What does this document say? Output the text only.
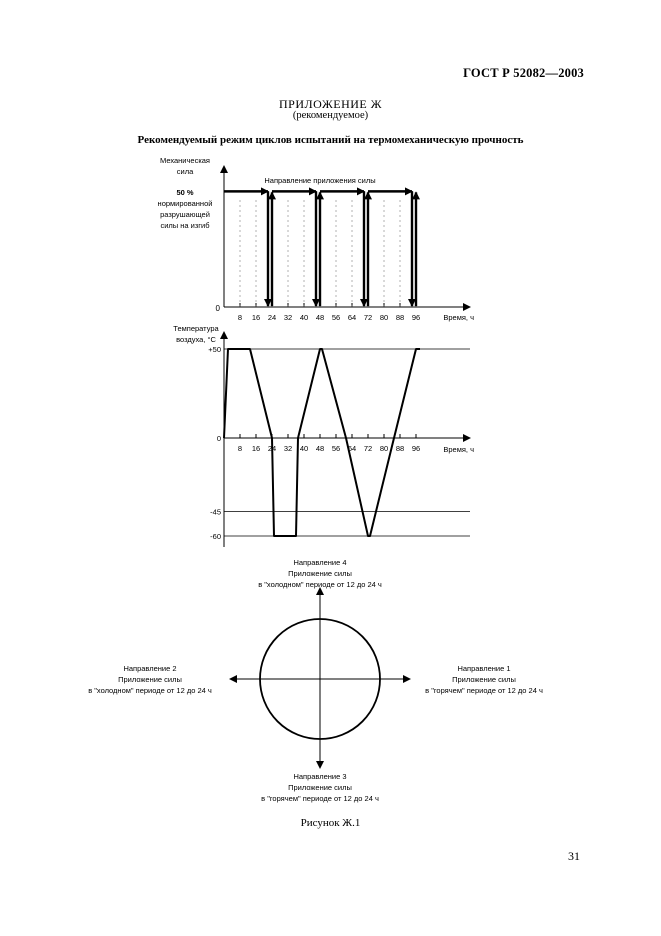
ГОСТ Р 52082—2003
ПРИЛОЖЕНИЕ Ж
(рекомендуемое)
Рекомендуемый режим циклов испытаний на термомеханическую прочность
Механическая
сила
50 %
нормированной
разрушающей
силы на изгиб
0
Направление приложения силы
Время, ч
8 16 24 32 40 48 56 64 72 80 88 96
Температура
воздуха, °С
Время, ч
8 16 24 32 40 48 56 64 72 80 88 96
+50
0
-45
-60
Направление 4
Приложение силы
в "холодном" периоде от 12 до 24 ч
Направление 2
Приложение силы
в "холодном" периоде от 12 до 24 ч
Направление 1
Приложение силы
в "горячем" периоде от 12 до 24 ч
Направление 3
Приложение силы
в "горячем" периоде от 12 до 24 ч
Рисунок Ж.1
31
